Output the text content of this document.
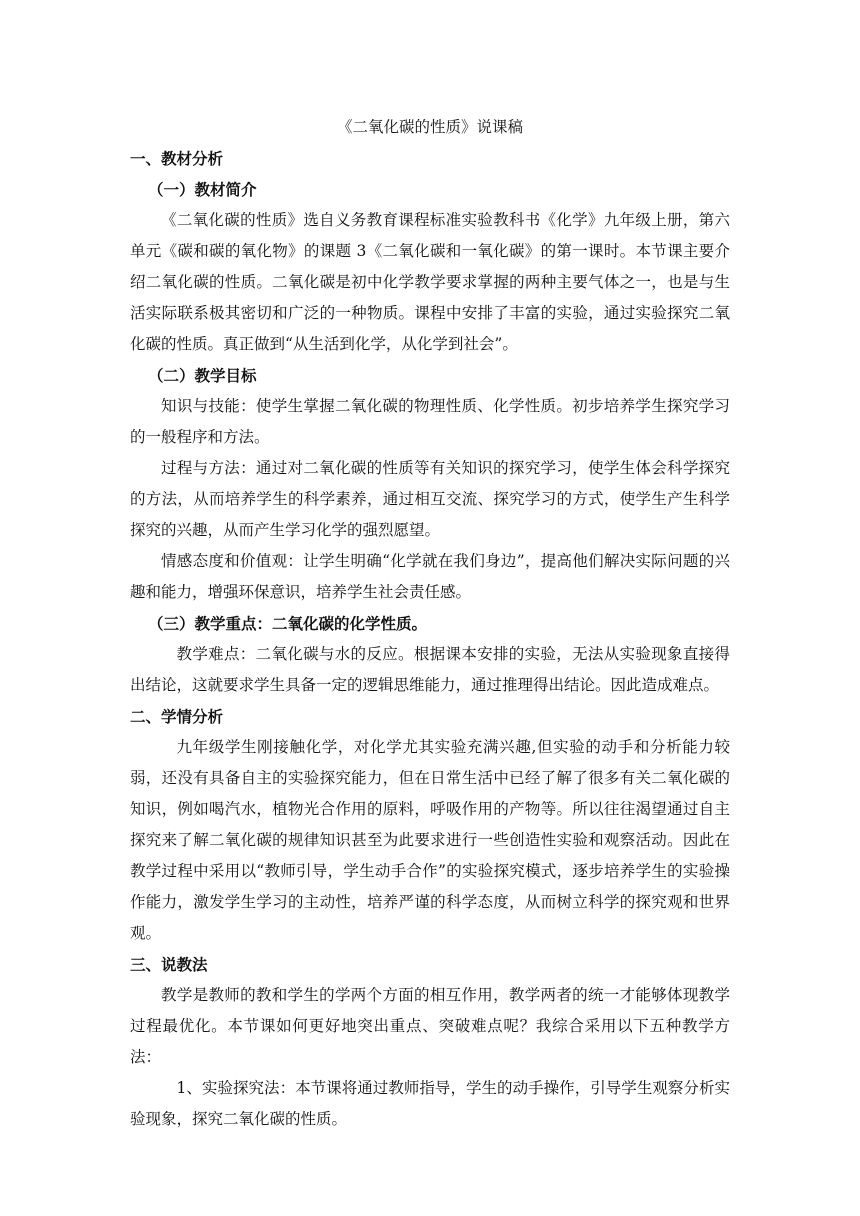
《二氧化碳的性质》说课稿

一、教材分析

（一）教材简介

《二氧化碳的性质》选自义务教育课程标准实验教科书《化学》九年级上册，第六单元《碳和碳的氧化物》的课题 3《二氧化碳和一氧化碳》的第一课时。本节课主要介绍二氧化碳的性质。二氧化碳是初中化学教学要求掌握的两种主要气体之一，也是与生活实际联系极其密切和广泛的一种物质。课程中安排了丰富的实验，通过实验探究二氧化碳的性质。真正做到“从生活到化学，从化学到社会”。

（二）教学目标

知识与技能：使学生掌握二氧化碳的物理性质、化学性质。初步培养学生探究学习的一般程序和方法。

过程与方法：通过对二氧化碳的性质等有关知识的探究学习，使学生体会科学探究的方法，从而培养学生的科学素养，通过相互交流、探究学习的方式，使学生产生科学探究的兴趣，从而产生学习化学的强烈愿望。

情感态度和价值观：让学生明确“化学就在我们身边”，提高他们解决实际问题的兴趣和能力，增强环保意识，培养学生社会责任感。

（三）教学重点：二氧化碳的化学性质。

教学难点：二氧化碳与水的反应。根据课本安排的实验，无法从实验现象直接得出结论，这就要求学生具备一定的逻辑思维能力，通过推理得出结论。因此造成难点。

二、学情分析

九年级学生刚接触化学，对化学尤其实验充满兴趣,但实验的动手和分析能力较弱，还没有具备自主的实验探究能力，但在日常生活中已经了解了很多有关二氧化碳的知识，例如喝汽水，植物光合作用的原料，呼吸作用的产物等。所以往往渴望通过自主探究来了解二氧化碳的规律知识甚至为此要求进行一些创造性实验和观察活动。因此在教学过程中采用以“教师引导，学生动手合作”的实验探究模式，逐步培养学生的实验操作能力，激发学生学习的主动性，培养严谨的科学态度，从而树立科学的探究观和世界观。

三、说教法

教学是教师的教和学生的学两个方面的相互作用，教学两者的统一才能够体现教学过程最优化。本节课如何更好地突出重点、突破难点呢？我综合采用以下五种教学方法：

1、实验探究法：本节课将通过教师指导，学生的动手操作，引导学生观察分析实验现象，探究二氧化碳的性质。
